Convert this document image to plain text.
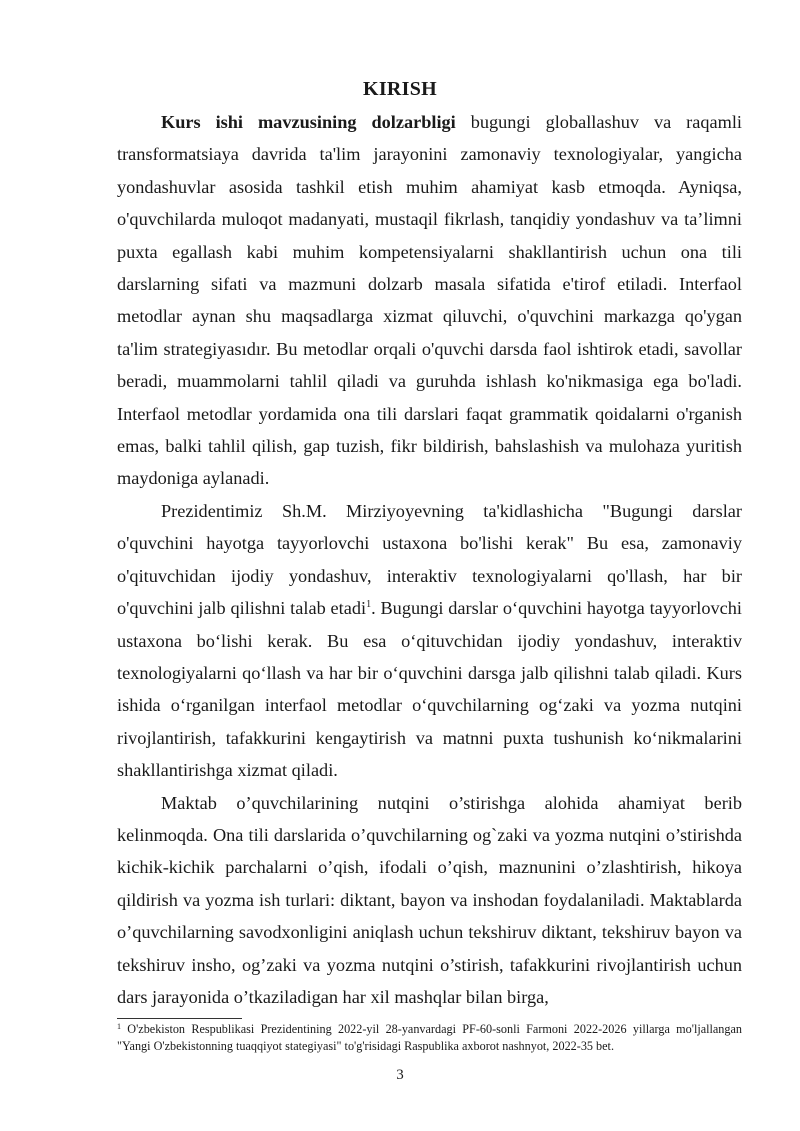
KIRISH

Kurs ishi mavzusining dolzarbligi bugungi globallashuv va raqamli transformatsiaya davrida ta'lim jarayonini zamonaviy texnologiyalar, yangicha yondashuvlar asosida tashkil etish muhim ahamiyat kasb etmoqda. Ayniqsa, o'quvchilarda muloqot madanyati, mustaqil fikrlash, tanqidiy yondashuv va ta’limni puxta egallash kabi muhim kompetensiyalarni shakllantirish uchun ona tili darslarning sifati va mazmuni dolzarb masala sifatida e'tirof etiladi. Interfaol metodlar aynan shu maqsadlarga xizmat qiluvchi, o'quvchini markazga qo'ygan ta'lim strategiyasıdır. Bu metodlar orqali o'quvchi darsda faol ishtirok etadi, savollar beradi, muammolarni tahlil qiladi va guruhda ishlash ko'nikmasiga ega bo'ladi. Interfaol metodlar yordamida ona tili darslari faqat grammatik qoidalarni o'rganish emas, balki tahlil qilish, gap tuzish, fikr bildirish, bahslashish va mulohaza yuritish maydoniga aylanadi.

Prezidentimiz Sh.M. Mirziyoyevning ta'kidlashicha "Bugungi darslar o'quvchini hayotga tayyorlovchi ustaxona bo'lishi kerak" Bu esa, zamonaviy o'qituvchidan ijodiy yondashuv, interaktiv texnologiyalarni qo'llash, har bir o'quvchini jalb qilishni talab etadi$^1$. Bugungi darslar o‘quvchini hayotga tayyorlovchi ustaxona bo‘lishi kerak. Bu esa o‘qituvchidan ijodiy yondashuv, interaktiv texnologiyalarni qo‘llash va har bir o‘quvchini darsga jalb qilishni talab qiladi. Kurs ishida o‘rganilgan interfaol metodlar o‘quvchilarning og‘zaki va yozma nutqini rivojlantirish, tafakkurini kengaytirish va matnni puxta tushunish ko‘nikmalarini shakllantirishga xizmat qiladi.

Maktab o’quvchilarining nutqini o’stirishga alohida ahamiyat berib kelinmoqda. Ona tili darslarida o’quvchilarning og`zaki va yozma nutqini o’stirishda kichik-kichik parchalarni o’qish, ifodali o’qish, maznunini o’zlashtirish, hikoya qildirish va yozma ish turlari: diktant, bayon va inshodan foydalaniladi. Maktablarda o’quvchilarning savodxonligini aniqlash uchun tekshiruv diktant, tekshiruv bayon va tekshiruv insho, og’zaki va yozma nutqini o’stirish, tafakkurini rivojlantirish uchun dars jarayonida o’tkaziladigan har xil mashqlar bilan birga,

$^1$ O'zbekiston Respublikasi Prezidentining 2022-yil 28-yanvardagi PF-60-sonli Farmoni 2022-2026 yillarga mo'ljallangan "Yangi O'zbekistonning tuaqqiyot stategiyasi" to'g'risidagi Raspublika axborot nashnyot, 2022-35 bet.
3
